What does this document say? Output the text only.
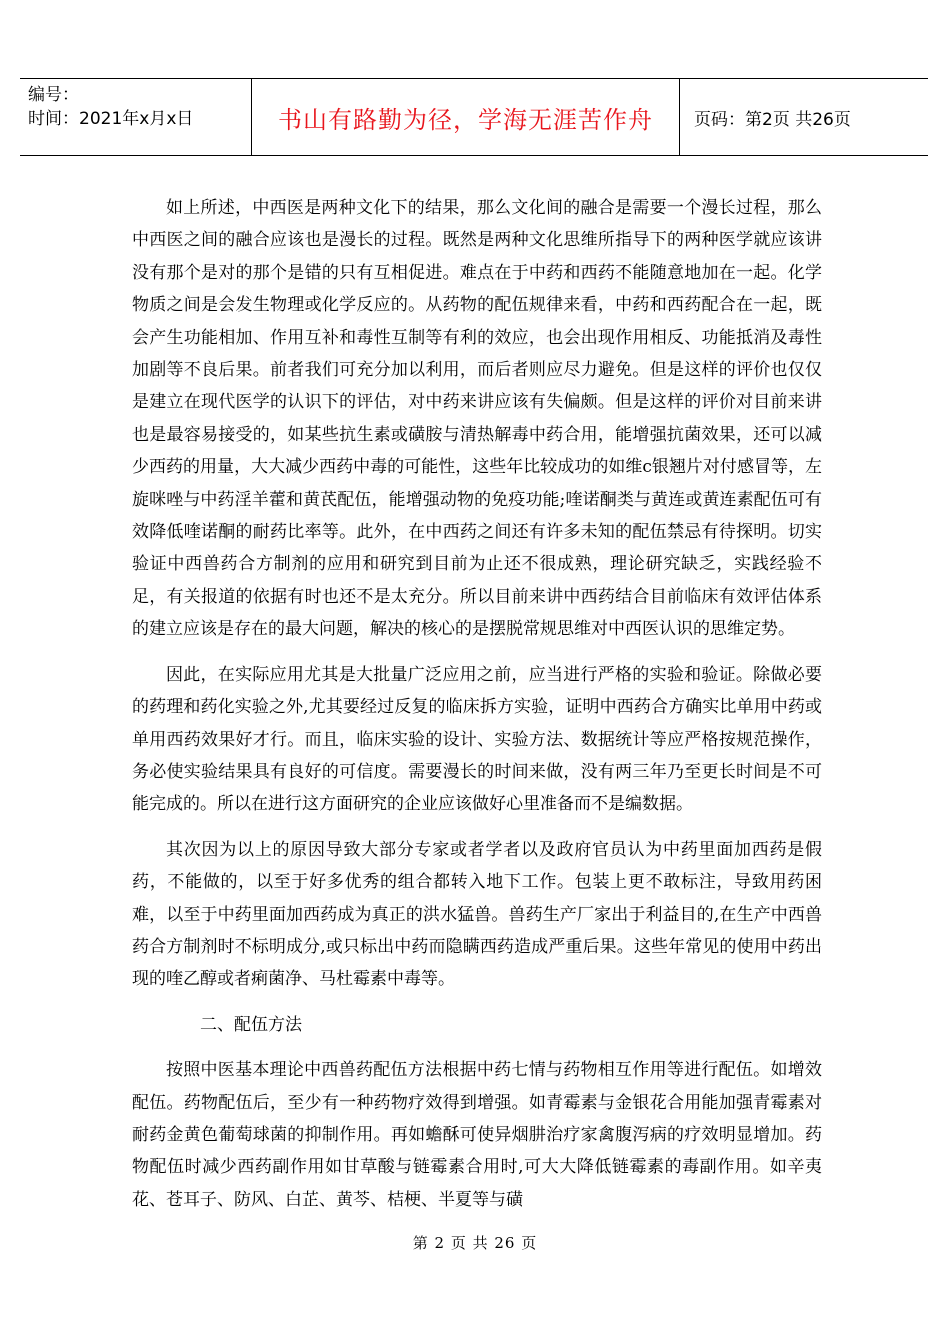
编号：
时间：2021年x月x日	书山有路勤为径，学海无涯苦作舟	页码：第2页 共26页

如上所述，中西医是两种文化下的结果，那么文化间的融合是需要一个漫长过程，那么中西医之间的融合应该也是漫长的过程。既然是两种文化思维所指导下的两种医学就应该讲没有那个是对的那个是错的只有互相促进。难点在于中药和西药不能随意地加在一起。化学物质之间是会发生物理或化学反应的。从药物的配伍规律来看，中药和西药配合在一起，既会产生功能相加、作用互补和毒性互制等有利的效应，也会出现作用相反、功能抵消及毒性加剧等不良后果。前者我们可充分加以利用，而后者则应尽力避免。但是这样的评价也仅仅是建立在现代医学的认识下的评估，对中药来讲应该有失偏颇。但是这样的评价对目前来讲也是最容易接受的，如某些抗生素或磺胺与清热解毒中药合用，能增强抗菌效果，还可以减少西药的用量，大大减少西药中毒的可能性，这些年比较成功的如维c银翘片对付感冒等，左旋咪唑与中药淫羊藿和黄芪配伍，能增强动物的免疫功能;喹诺酮类与黄连或黄连素配伍可有效降低喹诺酮的耐药比率等。此外，在中西药之间还有许多未知的配伍禁忌有待探明。切实验证中西兽药合方制剂的应用和研究到目前为止还不很成熟，理论研究缺乏，实践经验不足，有关报道的依据有时也还不是太充分。所以目前来讲中西药结合目前临床有效评估体系的建立应该是存在的最大问题，解决的核心的是摆脱常规思维对中西医认识的思维定势。

因此，在实际应用尤其是大批量广泛应用之前，应当进行严格的实验和验证。除做必要的药理和药化实验之外,尤其要经过反复的临床拆方实验，证明中西药合方确实比单用中药或单用西药效果好才行。而且，临床实验的设计、实验方法、数据统计等应严格按规范操作，务必使实验结果具有良好的可信度。需要漫长的时间来做，没有两三年乃至更长时间是不可能完成的。所以在进行这方面研究的企业应该做好心里准备而不是编数据。

其次因为以上的原因导致大部分专家或者学者以及政府官员认为中药里面加西药是假药，不能做的，以至于好多优秀的组合都转入地下工作。包装上更不敢标注，导致用药困难，以至于中药里面加西药成为真正的洪水猛兽。兽药生产厂家出于利益目的,在生产中西兽药合方制剂时不标明成分,或只标出中药而隐瞒西药造成严重后果。这些年常见的使用中药出现的喹乙醇或者痢菌净、马杜霉素中毒等。

二、配伍方法

按照中医基本理论中西兽药配伍方法根据中药七情与药物相互作用等进行配伍。如增效配伍。药物配伍后，至少有一种药物疗效得到增强。如青霉素与金银花合用能加强青霉素对耐药金黄色葡萄球菌的抑制作用。再如蟾酥可使异烟肼治疗家禽腹泻病的疗效明显增加。药物配伍时减少西药副作用如甘草酸与链霉素合用时,可大大降低链霉素的毒副作用。如辛夷花、苍耳子、防风、白芷、黄芩、桔梗、半夏等与磺

第 2 页 共 26 页
